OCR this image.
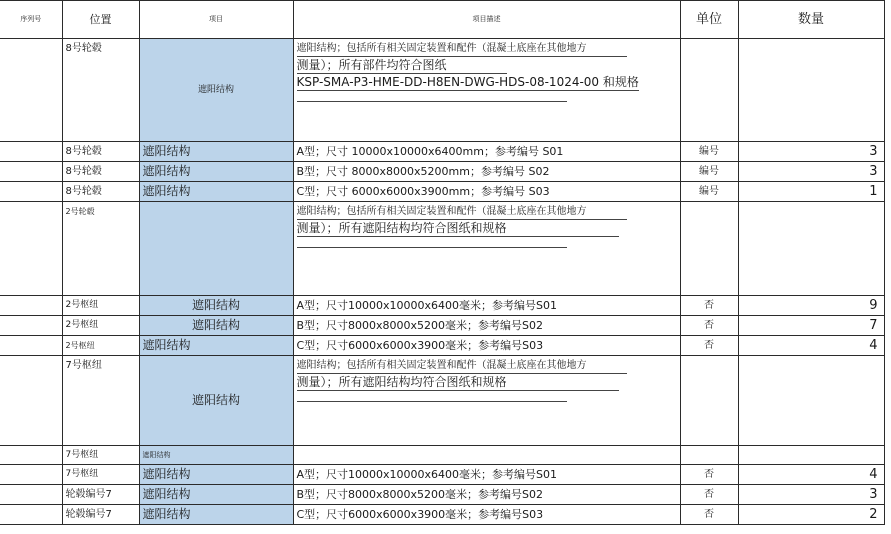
序列号	位置	项目	项目描述	单位	数量
	8号轮毂	遮阳结构	遮阳结构；包括所有相关固定装置和配件（混凝土底座在其他地方
测量）；所有部件均符合图纸
KSP-SMA-P3-HME-DD-H8EN-DWG-HDS-08-1024-00 和规格

	8号轮毂	遮阳结构	A型；尺寸 10000x10000x6400mm；参考编号 S01	编号	3
	8号轮毂	遮阳结构	B型；尺寸 8000x8000x5200mm；参考编号 S02	编号	3
	8号轮毂	遮阳结构	C型；尺寸 6000x6000x3900mm；参考编号 S03	编号	1
	2号轮毂		遮阳结构；包括所有相关固定装置和配件（混凝土底座在其他地方
测量）；所有遮阳结构均符合图纸和规格

	2号枢纽	遮阳结构	A型；尺寸10000x10000x6400毫米；参考编号S01	否	9
	2号枢纽	遮阳结构	B型；尺寸8000x8000x5200毫米；参考编号S02	否	7
	2号枢纽	遮阳结构	C型；尺寸6000x6000x3900毫米；参考编号S03	否	4
	7号枢纽	遮阳结构	遮阳结构；包括所有相关固定装置和配件（混凝土底座在其他地方
测量）；所有遮阳结构均符合图纸和规格

	7号枢纽	遮阳结构			
	7号枢纽	遮阳结构	A型；尺寸10000x10000x6400毫米；参考编号S01	否	4
	轮毂编号7	遮阳结构	B型；尺寸8000x8000x5200毫米；参考编号S02	否	3
	轮毂编号7	遮阳结构	C型；尺寸6000x6000x3900毫米；参考编号S03	否	2
